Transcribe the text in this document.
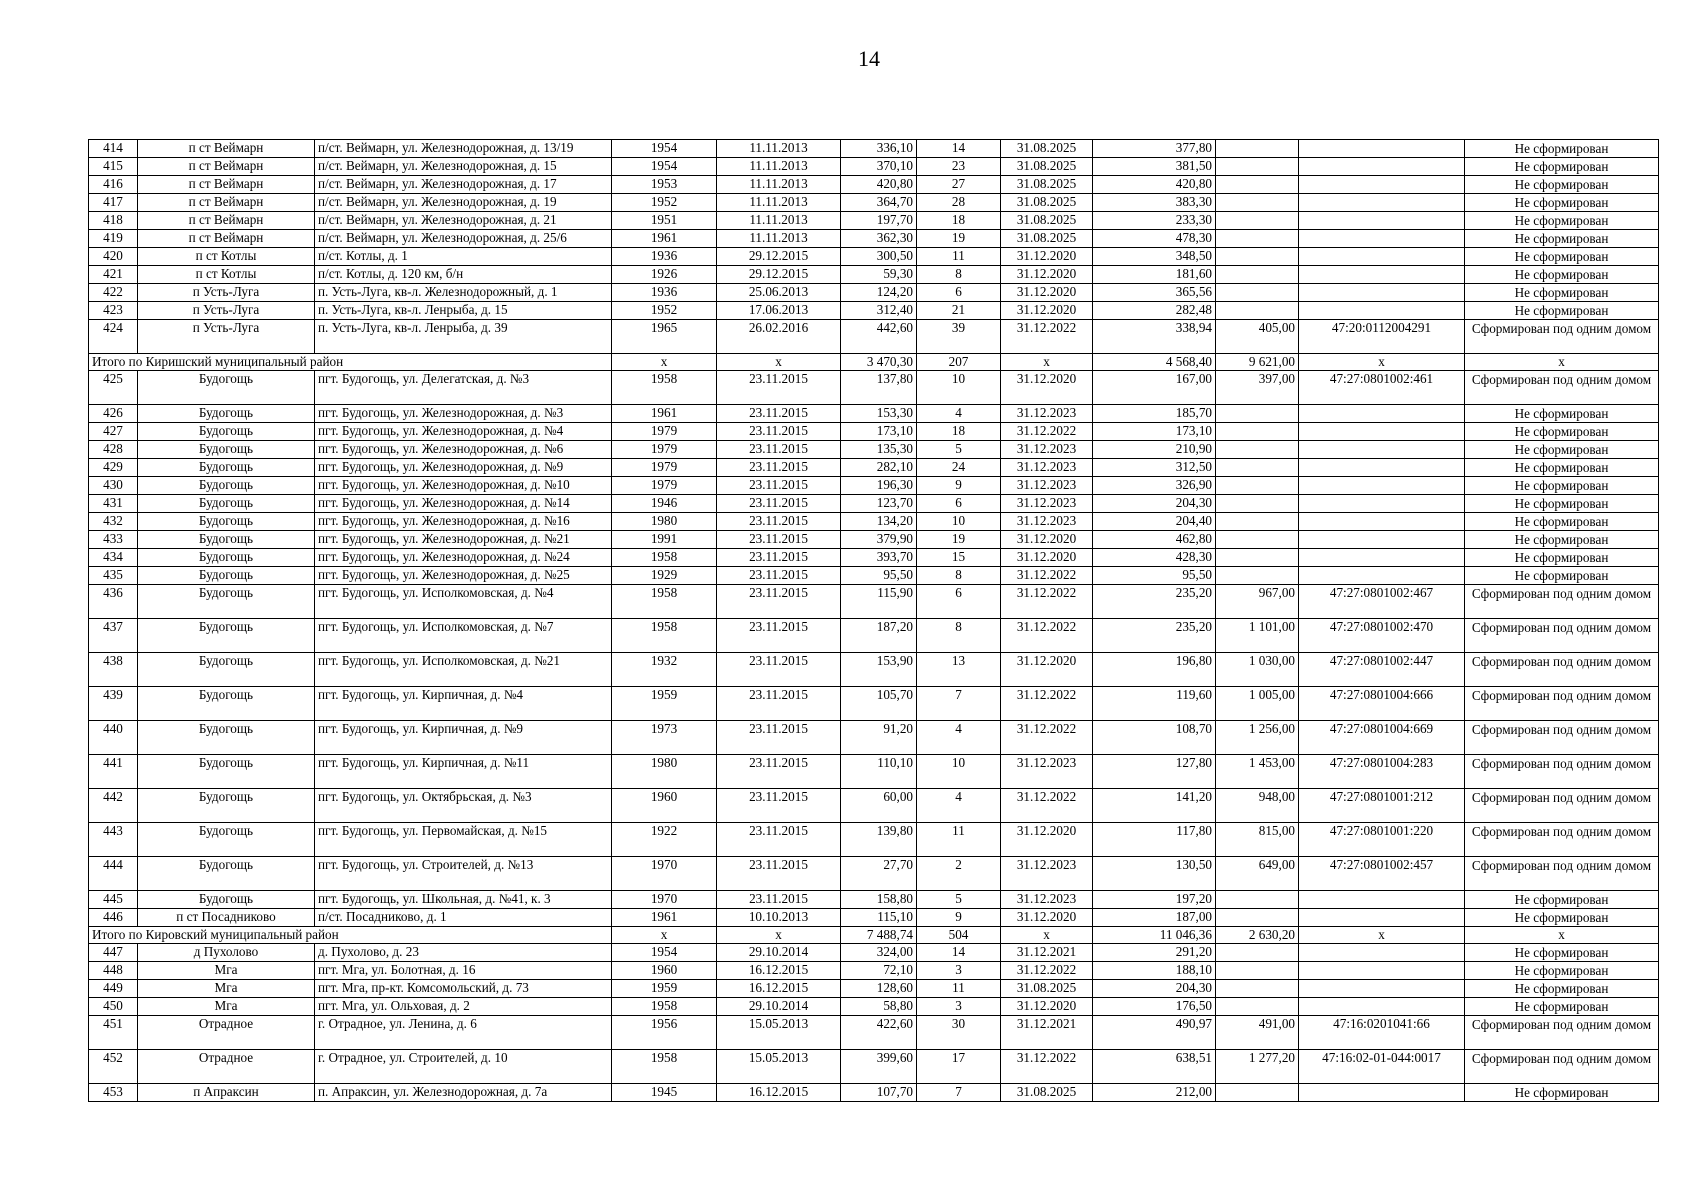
14
414	п ст Веймарн	п/ст. Веймарн, ул. Железнодорожная, д. 13/19	1954	11.11.2013	336,10	14	31.08.2025	377,80			Не сформирован
415	п ст Веймарн	п/ст. Веймарн, ул. Железнодорожная, д. 15	1954	11.11.2013	370,10	23	31.08.2025	381,50			Не сформирован
416	п ст Веймарн	п/ст. Веймарн, ул. Железнодорожная, д. 17	1953	11.11.2013	420,80	27	31.08.2025	420,80			Не сформирован
417	п ст Веймарн	п/ст. Веймарн, ул. Железнодорожная, д. 19	1952	11.11.2013	364,70	28	31.08.2025	383,30			Не сформирован
418	п ст Веймарн	п/ст. Веймарн, ул. Железнодорожная, д. 21	1951	11.11.2013	197,70	18	31.08.2025	233,30			Не сформирован
419	п ст Веймарн	п/ст. Веймарн, ул. Железнодорожная, д. 25/6	1961	11.11.2013	362,30	19	31.08.2025	478,30			Не сформирован
420	п ст Котлы	п/ст. Котлы, д. 1	1936	29.12.2015	300,50	11	31.12.2020	348,50			Не сформирован
421	п ст Котлы	п/ст. Котлы, д. 120 км, б/н	1926	29.12.2015	59,30	8	31.12.2020	181,60			Не сформирован
422	п Усть-Луга	п. Усть-Луга, кв-л. Железнодорожный, д. 1	1936	25.06.2013	124,20	6	31.12.2020	365,56			Не сформирован
423	п Усть-Луга	п. Усть-Луга, кв-л. Ленрыба, д. 15	1952	17.06.2013	312,40	21	31.12.2020	282,48			Не сформирован
424	п Усть-Луга	п. Усть-Луга, кв-л. Ленрыба, д. 39	1965	26.02.2016	442,60	39	31.12.2022	338,94	405,00	47:20:0112004291	Сформирован под одним домом
Итого по Киришский муниципальный район			x	x	3 470,30	207	x	4 568,40	9 621,00	x	x
425	Будогощь	пгт. Будогощь, ул. Делегатская, д. №3	1958	23.11.2015	137,80	10	31.12.2020	167,00	397,00	47:27:0801002:461	Сформирован под одним домом
426	Будогощь	пгт. Будогощь, ул. Железнодорожная, д. №3	1961	23.11.2015	153,30	4	31.12.2023	185,70			Не сформирован
427	Будогощь	пгт. Будогощь, ул. Железнодорожная, д. №4	1979	23.11.2015	173,10	18	31.12.2022	173,10			Не сформирован
428	Будогощь	пгт. Будогощь, ул. Железнодорожная, д. №6	1979	23.11.2015	135,30	5	31.12.2023	210,90			Не сформирован
429	Будогощь	пгт. Будогощь, ул. Железнодорожная, д. №9	1979	23.11.2015	282,10	24	31.12.2023	312,50			Не сформирован
430	Будогощь	пгт. Будогощь, ул. Железнодорожная, д. №10	1979	23.11.2015	196,30	9	31.12.2023	326,90			Не сформирован
431	Будогощь	пгт. Будогощь, ул. Железнодорожная, д. №14	1946	23.11.2015	123,70	6	31.12.2023	204,30			Не сформирован
432	Будогощь	пгт. Будогощь, ул. Железнодорожная, д. №16	1980	23.11.2015	134,20	10	31.12.2023	204,40			Не сформирован
433	Будогощь	пгт. Будогощь, ул. Железнодорожная, д. №21	1991	23.11.2015	379,90	19	31.12.2020	462,80			Не сформирован
434	Будогощь	пгт. Будогощь, ул. Железнодорожная, д. №24	1958	23.11.2015	393,70	15	31.12.2020	428,30			Не сформирован
435	Будогощь	пгт. Будогощь, ул. Железнодорожная, д. №25	1929	23.11.2015	95,50	8	31.12.2022	95,50			Не сформирован
436	Будогощь	пгт. Будогощь, ул. Исполкомовская, д. №4	1958	23.11.2015	115,90	6	31.12.2022	235,20	967,00	47:27:0801002:467	Сформирован под одним домом
437	Будогощь	пгт. Будогощь, ул. Исполкомовская, д. №7	1958	23.11.2015	187,20	8	31.12.2022	235,20	1 101,00	47:27:0801002:470	Сформирован под одним домом
438	Будогощь	пгт. Будогощь, ул. Исполкомовская, д. №21	1932	23.11.2015	153,90	13	31.12.2020	196,80	1 030,00	47:27:0801002:447	Сформирован под одним домом
439	Будогощь	пгт. Будогощь, ул. Кирпичная, д. №4	1959	23.11.2015	105,70	7	31.12.2022	119,60	1 005,00	47:27:0801004:666	Сформирован под одним домом
440	Будогощь	пгт. Будогощь, ул. Кирпичная, д. №9	1973	23.11.2015	91,20	4	31.12.2022	108,70	1 256,00	47:27:0801004:669	Сформирован под одним домом
441	Будогощь	пгт. Будогощь, ул. Кирпичная, д. №11	1980	23.11.2015	110,10	10	31.12.2023	127,80	1 453,00	47:27:0801004:283	Сформирован под одним домом
442	Будогощь	пгт. Будогощь, ул. Октябрьская, д. №3	1960	23.11.2015	60,00	4	31.12.2022	141,20	948,00	47:27:0801001:212	Сформирован под одним домом
443	Будогощь	пгт. Будогощь, ул. Первомайская, д. №15	1922	23.11.2015	139,80	11	31.12.2020	117,80	815,00	47:27:0801001:220	Сформирован под одним домом
444	Будогощь	пгт. Будогощь, ул. Строителей, д. №13	1970	23.11.2015	27,70	2	31.12.2023	130,50	649,00	47:27:0801002:457	Сформирован под одним домом
445	Будогощь	пгт. Будогощь, ул. Школьная, д. №41, к. 3	1970	23.11.2015	158,80	5	31.12.2023	197,20			Не сформирован
446	п ст Посадниково	п/ст. Посадниково, д. 1	1961	10.10.2013	115,10	9	31.12.2020	187,00			Не сформирован
Итого по Кировский муниципальный район			x	x	7 488,74	504	x	11 046,36	2 630,20	x	x
447	д Пухолово	д. Пухолово, д. 23	1954	29.10.2014	324,00	14	31.12.2021	291,20			Не сформирован
448	Мга	пгт. Мга, ул. Болотная, д. 16	1960	16.12.2015	72,10	3	31.12.2022	188,10			Не сформирован
449	Мга	пгт. Мга, пр-кт. Комсомольский, д. 73	1959	16.12.2015	128,60	11	31.08.2025	204,30			Не сформирован
450	Мга	пгт. Мга, ул. Ольховая, д. 2	1958	29.10.2014	58,80	3	31.12.2020	176,50			Не сформирован
451	Отрадное	г. Отрадное, ул. Ленина, д. 6	1956	15.05.2013	422,60	30	31.12.2021	490,97	491,00	47:16:0201041:66	Сформирован под одним домом
452	Отрадное	г. Отрадное, ул. Строителей, д. 10	1958	15.05.2013	399,60	17	31.12.2022	638,51	1 277,20	47:16:02-01-044:0017	Сформирован под одним домом
453	п Апраксин	п. Апраксин, ул. Железнодорожная, д. 7а	1945	16.12.2015	107,70	7	31.08.2025	212,00			Не сформирован
